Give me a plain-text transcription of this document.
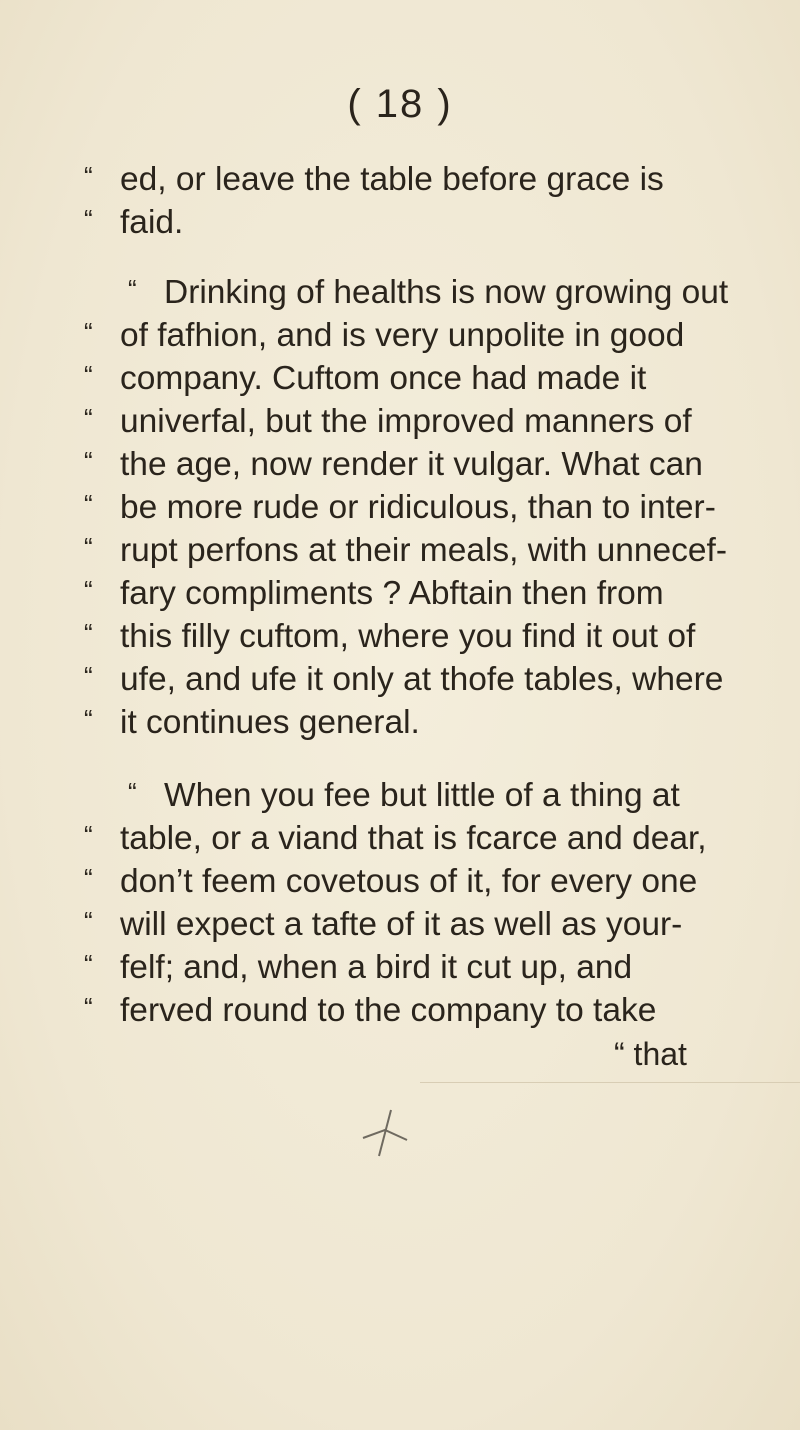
( 18 )
“ ed, or leave the table before grace is
“ faid.
“ Drinking of healths is now growing out
“ of fafhion, and is very unpolite in good
“ company. Cuftom once had made it
“ univerfal, but the improved manners of
“ the age, now render it vulgar. What can
“ be more rude or ridiculous, than to inter-
“ rupt perfons at their meals, with unnecef-
“ fary compliments ? Abftain then from
“ this filly cuftom, where you find it out of
“ ufe, and ufe it only at thofe tables, where
“ it continues general.
“ When you fee but little of a thing at
“ table, or a viand that is fcarce and dear,
“ don’t feem covetous of it, for every one
“ will expect a tafte of it as well as your-
“ felf; and, when a bird it cut up, and
“ ferved round to the company to take
“ that
